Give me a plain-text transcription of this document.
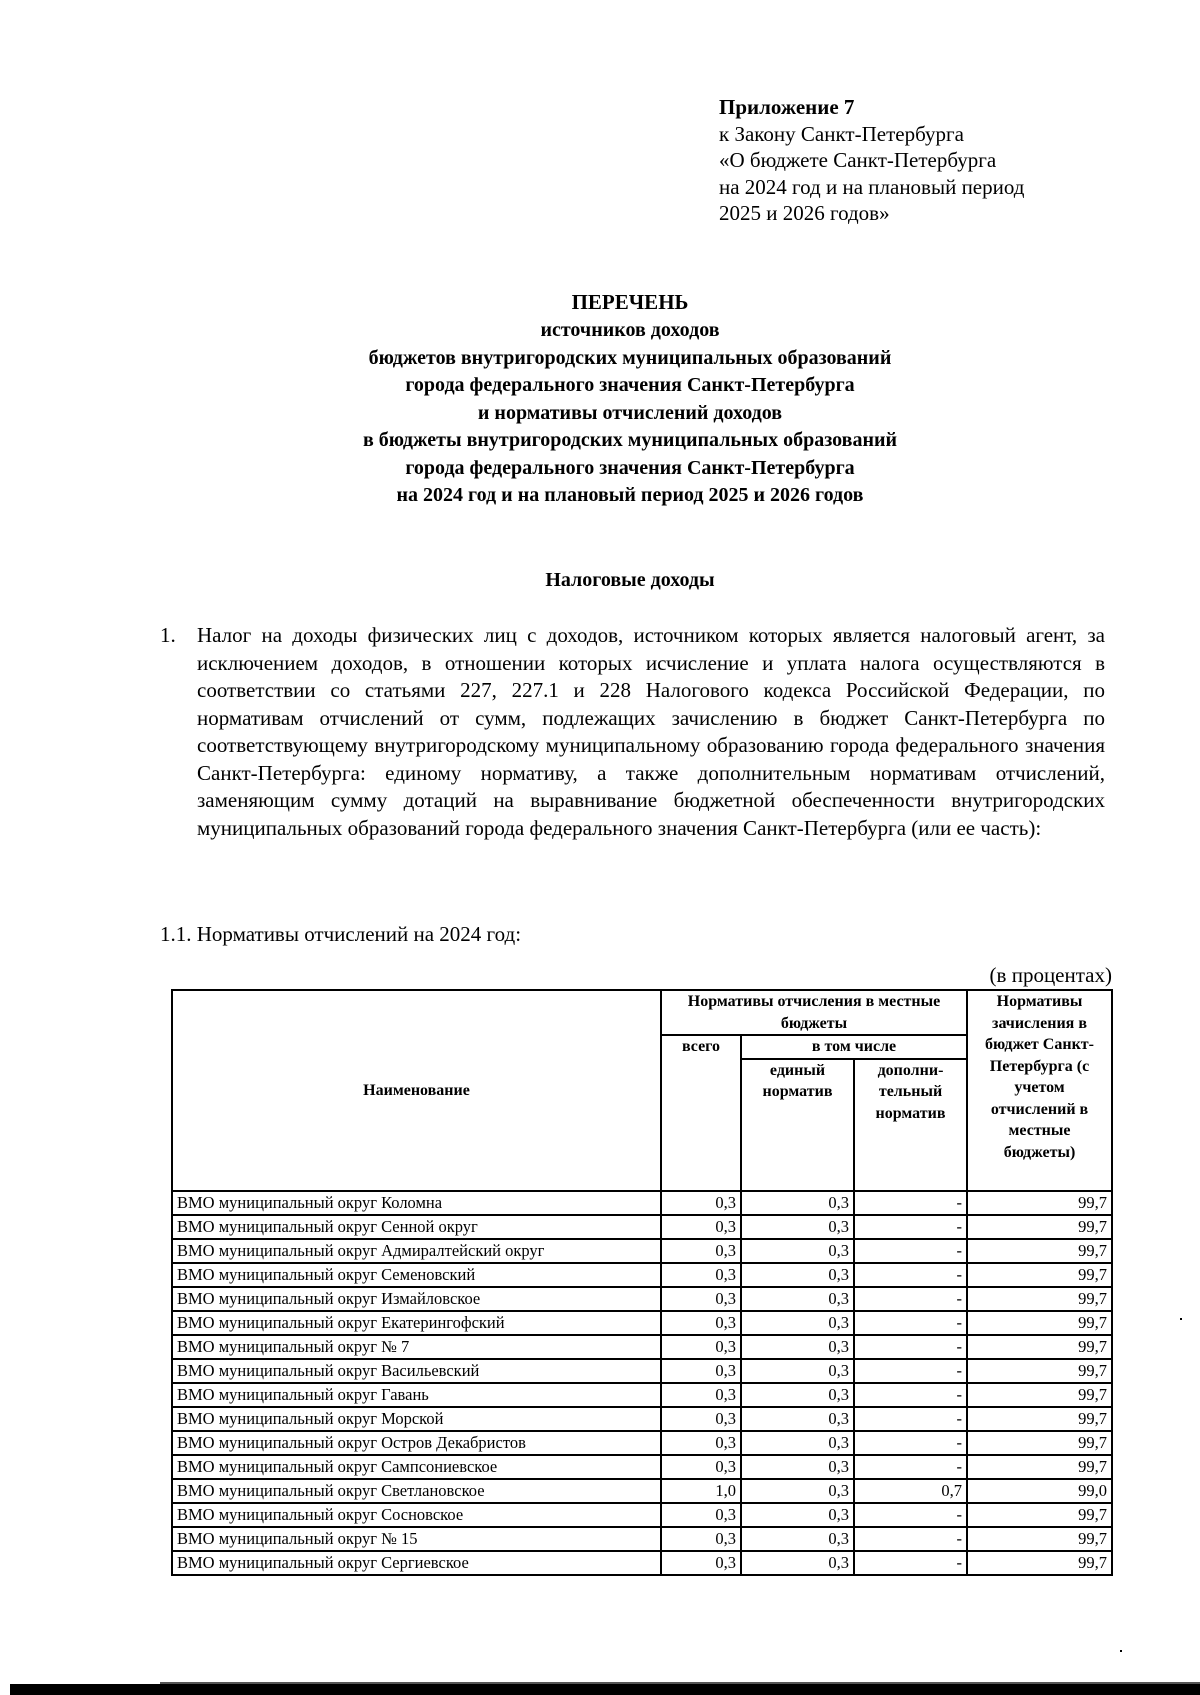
Приложение 7
к Закону Санкт-Петербурга
«О бюджете Санкт-Петербурга
на 2024 год и на плановый период
2025 и 2026 годов»
ПЕРЕЧЕНЬ
источников доходов
бюджетов внутригородских муниципальных образований
города федерального значения Санкт-Петербурга
и нормативы отчислений доходов
в бюджеты внутригородских муниципальных образований
города федерального значения Санкт-Петербурга
на 2024 год и на плановый период 2025 и 2026 годов
Налоговые доходы
1. Налог на доходы физических лиц с доходов, источником которых является налоговый агент, за исключением доходов, в отношении которых исчисление и уплата налога осуществляются в соответствии со статьями 227, 227.1 и 228 Налогового кодекса Российской Федерации, по нормативам отчислений от сумм, подлежащих зачислению в бюджет Санкт-Петербурга по соответствующему внутригородскому муниципальному образованию города федерального значения Санкт-Петербурга: единому нормативу, а также дополнительным нормативам отчислений, заменяющим сумму дотаций на выравнивание бюджетной обеспеченности внутригородских муниципальных образований города федерального значения Санкт-Петербурга (или ее часть):
1.1. Нормативы отчислений на 2024 год:
(в процентах)
Наименование	Нормативы отчисления в местные бюджеты			Нормативы зачисления в бюджет Санкт-Петербурга (с учетом отчислений в местные бюджеты)
	всего	в том числе		
		единый норматив	дополни-тельный норматив	
ВМО муниципальный округ Коломна	0,3	0,3	-	99,7
ВМО муниципальный округ Сенной округ	0,3	0,3	-	99,7
ВМО муниципальный округ Адмиралтейский округ	0,3	0,3	-	99,7
ВМО муниципальный округ Семеновский	0,3	0,3	-	99,7
ВМО муниципальный округ Измайловское	0,3	0,3	-	99,7
ВМО муниципальный округ Екатерингофский	0,3	0,3	-	99,7
ВМО муниципальный округ № 7	0,3	0,3	-	99,7
ВМО муниципальный округ Васильевский	0,3	0,3	-	99,7
ВМО муниципальный округ Гавань	0,3	0,3	-	99,7
ВМО муниципальный округ Морской	0,3	0,3	-	99,7
ВМО муниципальный округ Остров Декабристов	0,3	0,3	-	99,7
ВМО муниципальный округ Сампсониевское	0,3	0,3	-	99,7
ВМО муниципальный округ Светлановское	1,0	0,3	0,7	99,0
ВМО муниципальный округ Сосновское	0,3	0,3	-	99,7
ВМО муниципальный округ № 15	0,3	0,3	-	99,7
ВМО муниципальный округ Сергиевское	0,3	0,3	-	99,7
